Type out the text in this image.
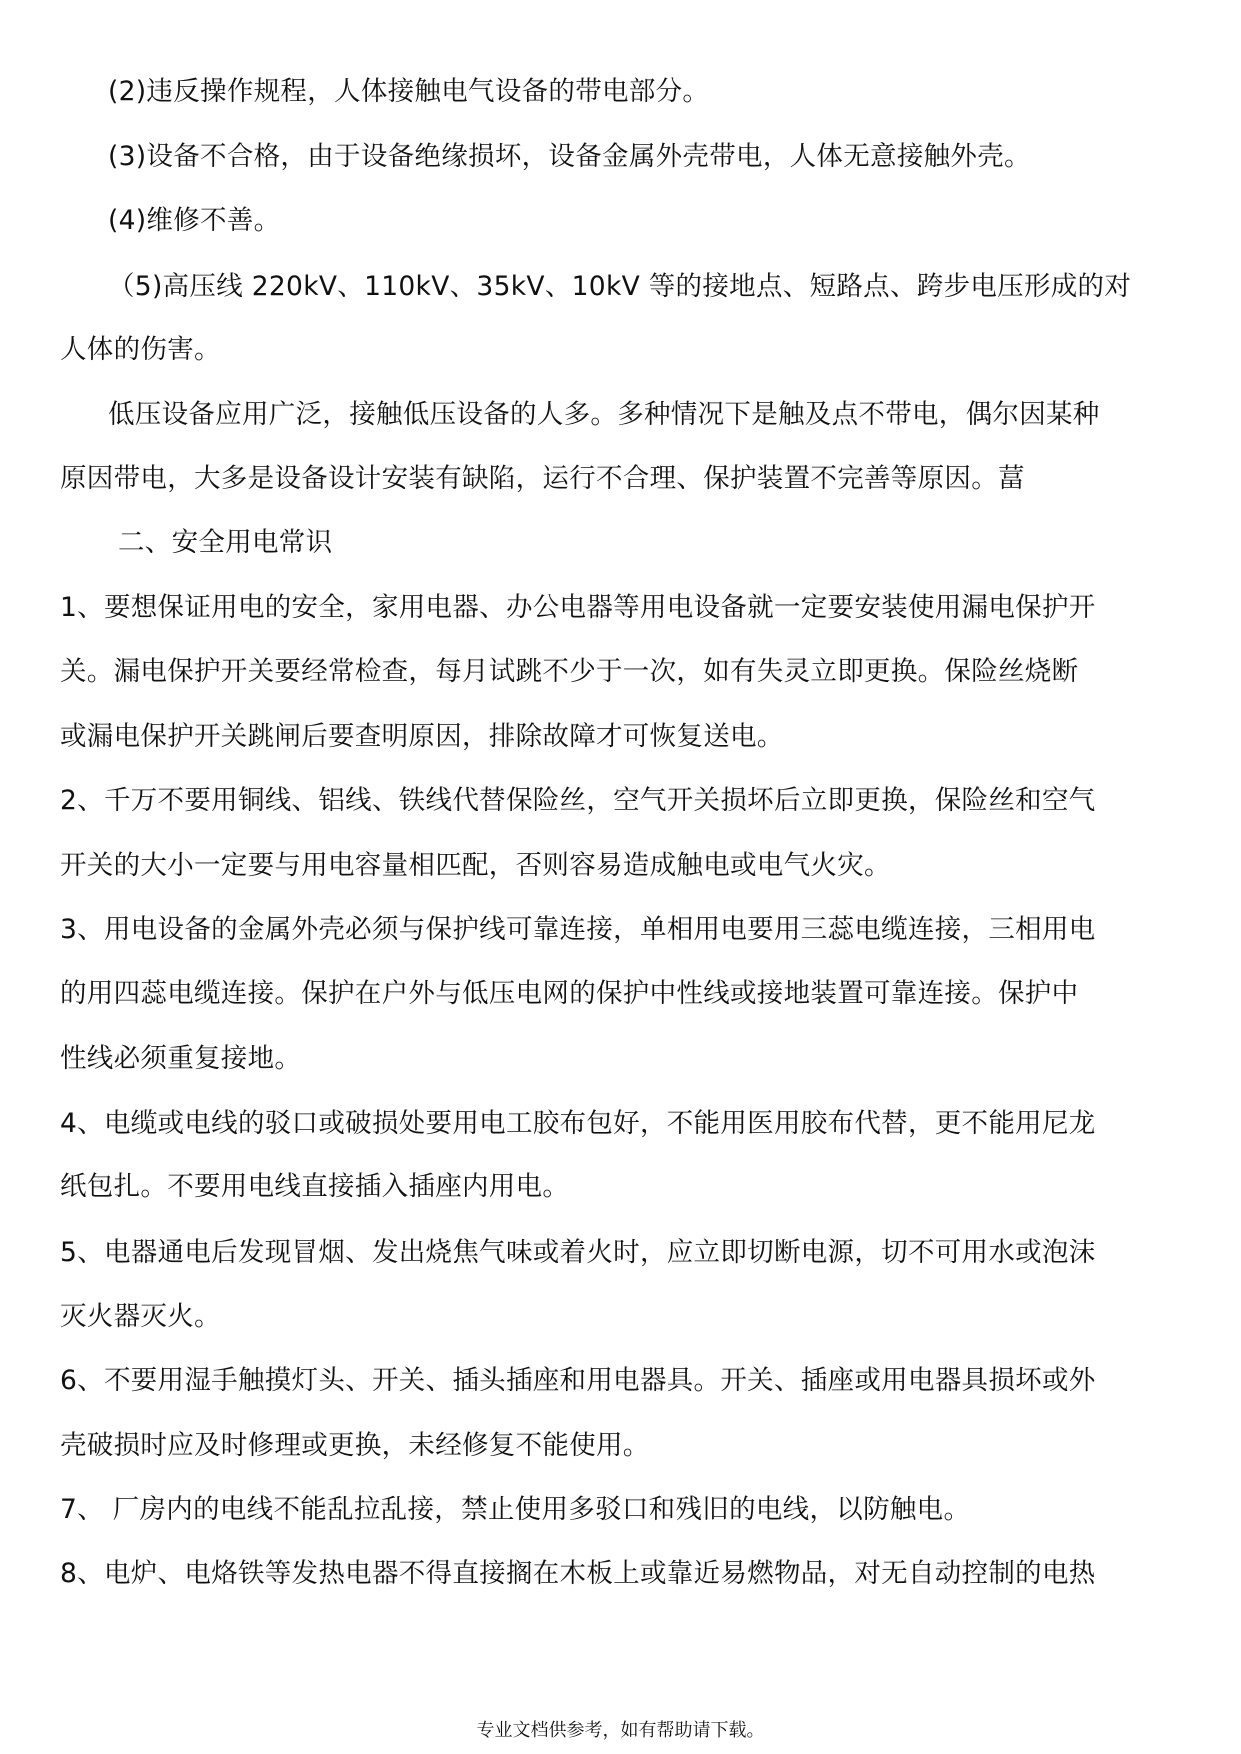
(2)违反操作规程，人体接触电气设备的带电部分。
(3)设备不合格，由于设备绝缘损坏，设备金属外壳带电，人体无意接触外壳。
(4)维修不善。
（5)高压线 220kV、110kV、35kV、10kV 等的接地点、短路点、跨步电压形成的对
人体的伤害。
低压设备应用广泛，接触低压设备的人多。多种情况下是触及点不带电，偶尔因某种
原因带电，大多是设备设计安装有缺陷，运行不合理、保护装置不完善等原因。葍
二、安全用电常识
1、要想保证用电的安全，家用电器、办公电器等用电设备就一定要安装使用漏电保护开
关。漏电保护开关要经常检查，每月试跳不少于一次，如有失灵立即更换。保险丝烧断
或漏电保护开关跳闸后要查明原因，排除故障才可恢复送电。
2、千万不要用铜线、铝线、铁线代替保险丝，空气开关损坏后立即更换，保险丝和空气
开关的大小一定要与用电容量相匹配，否则容易造成触电或电气火灾。
3、用电设备的金属外壳必须与保护线可靠连接，单相用电要用三蕊电缆连接，三相用电
的用四蕊电缆连接。保护在户外与低压电网的保护中性线或接地装置可靠连接。保护中
性线必须重复接地。
4、电缆或电线的驳口或破损处要用电工胶布包好，不能用医用胶布代替，更不能用尼龙
纸包扎。不要用电线直接插入插座内用电。
5、电器通电后发现冒烟、发出烧焦气味或着火时，应立即切断电源，切不可用水或泡沫
灭火器灭火。
6、不要用湿手触摸灯头、开关、插头插座和用电器具。开关、插座或用电器具损坏或外
壳破损时应及时修理或更换，未经修复不能使用。
7、 厂房内的电线不能乱拉乱接，禁止使用多驳口和残旧的电线，以防触电。
8、电炉、电烙铁等发热电器不得直接搁在木板上或靠近易燃物品，对无自动控制的电热
专业文档供参考，如有帮助请下载。
